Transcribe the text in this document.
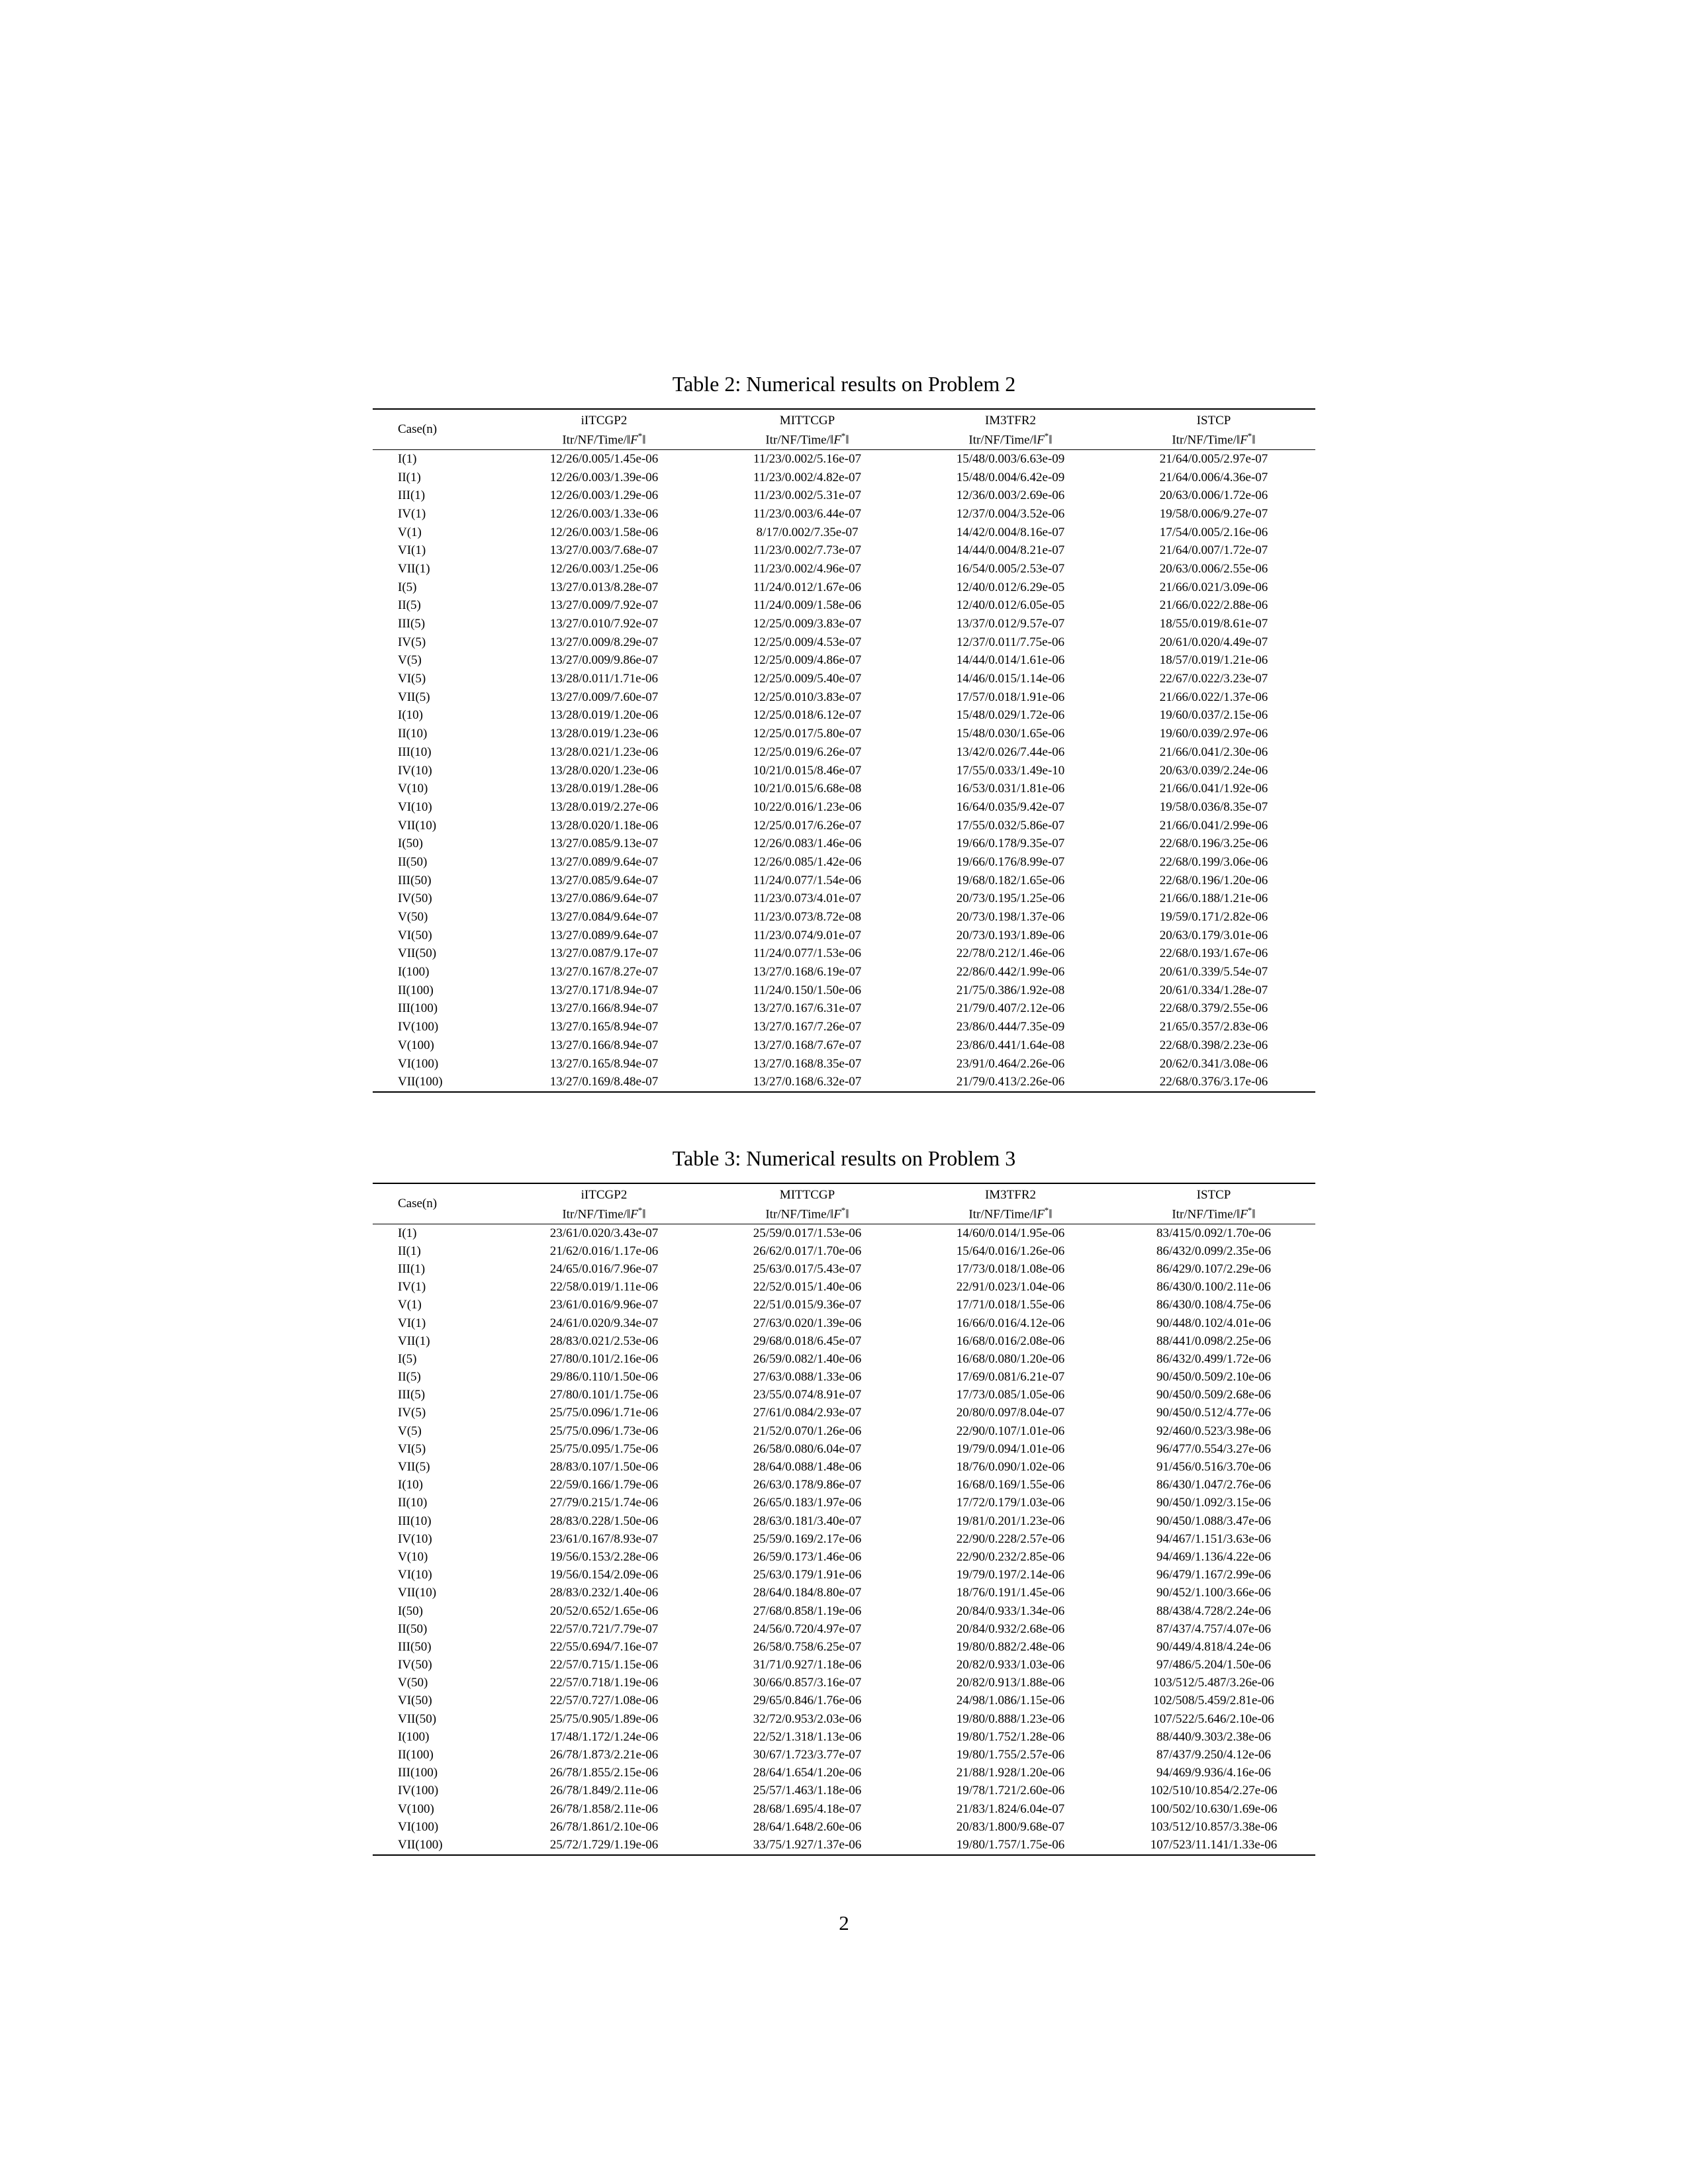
Table 2: Numerical results on Problem 2
Case(n)	iITCGP2	MITTCGP	IM3TFR2	ISTCP
	Itr/NF/Time/‖F*‖	Itr/NF/Time/‖F*‖	Itr/NF/Time/‖F*‖	Itr/NF/Time/‖F*‖
I(1)	12/26/0.005/1.45e-06	11/23/0.002/5.16e-07	15/48/0.003/6.63e-09	21/64/0.005/2.97e-07
II(1)	12/26/0.003/1.39e-06	11/23/0.002/4.82e-07	15/48/0.004/6.42e-09	21/64/0.006/4.36e-07
III(1)	12/26/0.003/1.29e-06	11/23/0.002/5.31e-07	12/36/0.003/2.69e-06	20/63/0.006/1.72e-06
IV(1)	12/26/0.003/1.33e-06	11/23/0.003/6.44e-07	12/37/0.004/3.52e-06	19/58/0.006/9.27e-07
V(1)	12/26/0.003/1.58e-06	8/17/0.002/7.35e-07	14/42/0.004/8.16e-07	17/54/0.005/2.16e-06
VI(1)	13/27/0.003/7.68e-07	11/23/0.002/7.73e-07	14/44/0.004/8.21e-07	21/64/0.007/1.72e-07
VII(1)	12/26/0.003/1.25e-06	11/23/0.002/4.96e-07	16/54/0.005/2.53e-07	20/63/0.006/2.55e-06
I(5)	13/27/0.013/8.28e-07	11/24/0.012/1.67e-06	12/40/0.012/6.29e-05	21/66/0.021/3.09e-06
II(5)	13/27/0.009/7.92e-07	11/24/0.009/1.58e-06	12/40/0.012/6.05e-05	21/66/0.022/2.88e-06
III(5)	13/27/0.010/7.92e-07	12/25/0.009/3.83e-07	13/37/0.012/9.57e-07	18/55/0.019/8.61e-07
IV(5)	13/27/0.009/8.29e-07	12/25/0.009/4.53e-07	12/37/0.011/7.75e-06	20/61/0.020/4.49e-07
V(5)	13/27/0.009/9.86e-07	12/25/0.009/4.86e-07	14/44/0.014/1.61e-06	18/57/0.019/1.21e-06
VI(5)	13/28/0.011/1.71e-06	12/25/0.009/5.40e-07	14/46/0.015/1.14e-06	22/67/0.022/3.23e-07
VII(5)	13/27/0.009/7.60e-07	12/25/0.010/3.83e-07	17/57/0.018/1.91e-06	21/66/0.022/1.37e-06
I(10)	13/28/0.019/1.20e-06	12/25/0.018/6.12e-07	15/48/0.029/1.72e-06	19/60/0.037/2.15e-06
II(10)	13/28/0.019/1.23e-06	12/25/0.017/5.80e-07	15/48/0.030/1.65e-06	19/60/0.039/2.97e-06
III(10)	13/28/0.021/1.23e-06	12/25/0.019/6.26e-07	13/42/0.026/7.44e-06	21/66/0.041/2.30e-06
IV(10)	13/28/0.020/1.23e-06	10/21/0.015/8.46e-07	17/55/0.033/1.49e-10	20/63/0.039/2.24e-06
V(10)	13/28/0.019/1.28e-06	10/21/0.015/6.68e-08	16/53/0.031/1.81e-06	21/66/0.041/1.92e-06
VI(10)	13/28/0.019/2.27e-06	10/22/0.016/1.23e-06	16/64/0.035/9.42e-07	19/58/0.036/8.35e-07
VII(10)	13/28/0.020/1.18e-06	12/25/0.017/6.26e-07	17/55/0.032/5.86e-07	21/66/0.041/2.99e-06
I(50)	13/27/0.085/9.13e-07	12/26/0.083/1.46e-06	19/66/0.178/9.35e-07	22/68/0.196/3.25e-06
II(50)	13/27/0.089/9.64e-07	12/26/0.085/1.42e-06	19/66/0.176/8.99e-07	22/68/0.199/3.06e-06
III(50)	13/27/0.085/9.64e-07	11/24/0.077/1.54e-06	19/68/0.182/1.65e-06	22/68/0.196/1.20e-06
IV(50)	13/27/0.086/9.64e-07	11/23/0.073/4.01e-07	20/73/0.195/1.25e-06	21/66/0.188/1.21e-06
V(50)	13/27/0.084/9.64e-07	11/23/0.073/8.72e-08	20/73/0.198/1.37e-06	19/59/0.171/2.82e-06
VI(50)	13/27/0.089/9.64e-07	11/23/0.074/9.01e-07	20/73/0.193/1.89e-06	20/63/0.179/3.01e-06
VII(50)	13/27/0.087/9.17e-07	11/24/0.077/1.53e-06	22/78/0.212/1.46e-06	22/68/0.193/1.67e-06
I(100)	13/27/0.167/8.27e-07	13/27/0.168/6.19e-07	22/86/0.442/1.99e-06	20/61/0.339/5.54e-07
II(100)	13/27/0.171/8.94e-07	11/24/0.150/1.50e-06	21/75/0.386/1.92e-08	20/61/0.334/1.28e-07
III(100)	13/27/0.166/8.94e-07	13/27/0.167/6.31e-07	21/79/0.407/2.12e-06	22/68/0.379/2.55e-06
IV(100)	13/27/0.165/8.94e-07	13/27/0.167/7.26e-07	23/86/0.444/7.35e-09	21/65/0.357/2.83e-06
V(100)	13/27/0.166/8.94e-07	13/27/0.168/7.67e-07	23/86/0.441/1.64e-08	22/68/0.398/2.23e-06
VI(100)	13/27/0.165/8.94e-07	13/27/0.168/8.35e-07	23/91/0.464/2.26e-06	20/62/0.341/3.08e-06
VII(100)	13/27/0.169/8.48e-07	13/27/0.168/6.32e-07	21/79/0.413/2.26e-06	22/68/0.376/3.17e-06
Table 3: Numerical results on Problem 3
Case(n)	iITCGP2	MITTCGP	IM3TFR2	ISTCP
	Itr/NF/Time/‖F*‖	Itr/NF/Time/‖F*‖	Itr/NF/Time/‖F*‖	Itr/NF/Time/‖F*‖
I(1)	23/61/0.020/3.43e-07	25/59/0.017/1.53e-06	14/60/0.014/1.95e-06	83/415/0.092/1.70e-06
II(1)	21/62/0.016/1.17e-06	26/62/0.017/1.70e-06	15/64/0.016/1.26e-06	86/432/0.099/2.35e-06
III(1)	24/65/0.016/7.96e-07	25/63/0.017/5.43e-07	17/73/0.018/1.08e-06	86/429/0.107/2.29e-06
IV(1)	22/58/0.019/1.11e-06	22/52/0.015/1.40e-06	22/91/0.023/1.04e-06	86/430/0.100/2.11e-06
V(1)	23/61/0.016/9.96e-07	22/51/0.015/9.36e-07	17/71/0.018/1.55e-06	86/430/0.108/4.75e-06
VI(1)	24/61/0.020/9.34e-07	27/63/0.020/1.39e-06	16/66/0.016/4.12e-06	90/448/0.102/4.01e-06
VII(1)	28/83/0.021/2.53e-06	29/68/0.018/6.45e-07	16/68/0.016/2.08e-06	88/441/0.098/2.25e-06
I(5)	27/80/0.101/2.16e-06	26/59/0.082/1.40e-06	16/68/0.080/1.20e-06	86/432/0.499/1.72e-06
II(5)	29/86/0.110/1.50e-06	27/63/0.088/1.33e-06	17/69/0.081/6.21e-07	90/450/0.509/2.10e-06
III(5)	27/80/0.101/1.75e-06	23/55/0.074/8.91e-07	17/73/0.085/1.05e-06	90/450/0.509/2.68e-06
IV(5)	25/75/0.096/1.71e-06	27/61/0.084/2.93e-07	20/80/0.097/8.04e-07	90/450/0.512/4.77e-06
V(5)	25/75/0.096/1.73e-06	21/52/0.070/1.26e-06	22/90/0.107/1.01e-06	92/460/0.523/3.98e-06
VI(5)	25/75/0.095/1.75e-06	26/58/0.080/6.04e-07	19/79/0.094/1.01e-06	96/477/0.554/3.27e-06
VII(5)	28/83/0.107/1.50e-06	28/64/0.088/1.48e-06	18/76/0.090/1.02e-06	91/456/0.516/3.70e-06
I(10)	22/59/0.166/1.79e-06	26/63/0.178/9.86e-07	16/68/0.169/1.55e-06	86/430/1.047/2.76e-06
II(10)	27/79/0.215/1.74e-06	26/65/0.183/1.97e-06	17/72/0.179/1.03e-06	90/450/1.092/3.15e-06
III(10)	28/83/0.228/1.50e-06	28/63/0.181/3.40e-07	19/81/0.201/1.23e-06	90/450/1.088/3.47e-06
IV(10)	23/61/0.167/8.93e-07	25/59/0.169/2.17e-06	22/90/0.228/2.57e-06	94/467/1.151/3.63e-06
V(10)	19/56/0.153/2.28e-06	26/59/0.173/1.46e-06	22/90/0.232/2.85e-06	94/469/1.136/4.22e-06
VI(10)	19/56/0.154/2.09e-06	25/63/0.179/1.91e-06	19/79/0.197/2.14e-06	96/479/1.167/2.99e-06
VII(10)	28/83/0.232/1.40e-06	28/64/0.184/8.80e-07	18/76/0.191/1.45e-06	90/452/1.100/3.66e-06
I(50)	20/52/0.652/1.65e-06	27/68/0.858/1.19e-06	20/84/0.933/1.34e-06	88/438/4.728/2.24e-06
II(50)	22/57/0.721/7.79e-07	24/56/0.720/4.97e-07	20/84/0.932/2.68e-06	87/437/4.757/4.07e-06
III(50)	22/55/0.694/7.16e-07	26/58/0.758/6.25e-07	19/80/0.882/2.48e-06	90/449/4.818/4.24e-06
IV(50)	22/57/0.715/1.15e-06	31/71/0.927/1.18e-06	20/82/0.933/1.03e-06	97/486/5.204/1.50e-06
V(50)	22/57/0.718/1.19e-06	30/66/0.857/3.16e-07	20/82/0.913/1.88e-06	103/512/5.487/3.26e-06
VI(50)	22/57/0.727/1.08e-06	29/65/0.846/1.76e-06	24/98/1.086/1.15e-06	102/508/5.459/2.81e-06
VII(50)	25/75/0.905/1.89e-06	32/72/0.953/2.03e-06	19/80/0.888/1.23e-06	107/522/5.646/2.10e-06
I(100)	17/48/1.172/1.24e-06	22/52/1.318/1.13e-06	19/80/1.752/1.28e-06	88/440/9.303/2.38e-06
II(100)	26/78/1.873/2.21e-06	30/67/1.723/3.77e-07	19/80/1.755/2.57e-06	87/437/9.250/4.12e-06
III(100)	26/78/1.855/2.15e-06	28/64/1.654/1.20e-06	21/88/1.928/1.20e-06	94/469/9.936/4.16e-06
IV(100)	26/78/1.849/2.11e-06	25/57/1.463/1.18e-06	19/78/1.721/2.60e-06	102/510/10.854/2.27e-06
V(100)	26/78/1.858/2.11e-06	28/68/1.695/4.18e-07	21/83/1.824/6.04e-07	100/502/10.630/1.69e-06
VI(100)	26/78/1.861/2.10e-06	28/64/1.648/2.60e-06	20/83/1.800/9.68e-07	103/512/10.857/3.38e-06
VII(100)	25/72/1.729/1.19e-06	33/75/1.927/1.37e-06	19/80/1.757/1.75e-06	107/523/11.141/1.33e-06
2
